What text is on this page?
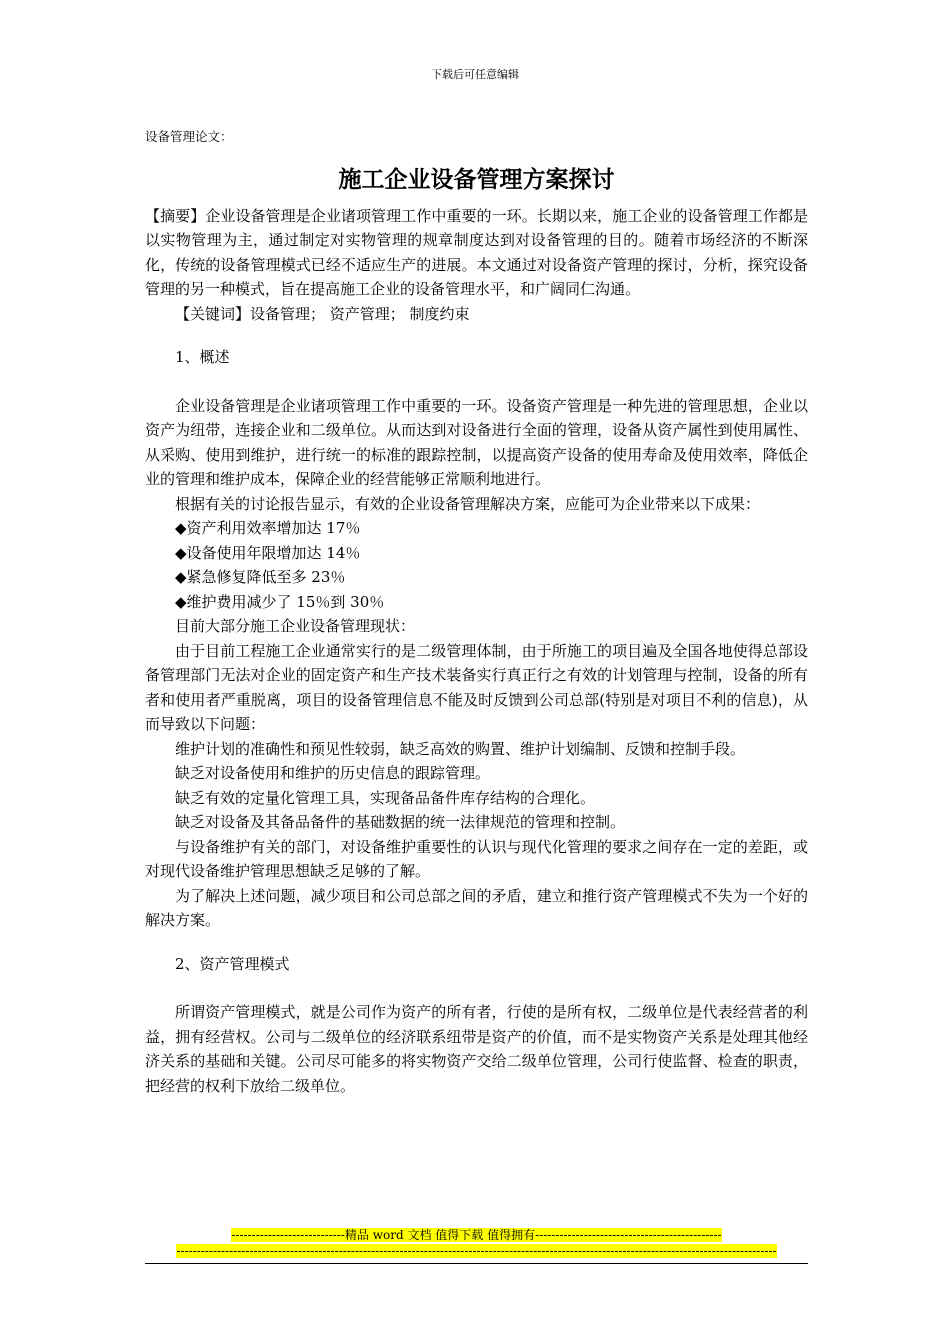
下载后可任意编辑

设备管理论文：

施工企业设备管理方案探讨

【摘要】企业设备管理是企业诸项管理工作中重要的一环。长期以来，施工企业的设备管理工作都是以实物管理为主，通过制定对实物管理的规章制度达到对设备管理的目的。随着市场经济的不断深化，传统的设备管理模式已经不适应生产的进展。本文通过对设备资产管理的探讨，分析，探究设备管理的另一种模式，旨在提高施工企业的设备管理水平，和广阔同仁沟通。

【关键词】设备管理； 资产管理； 制度约束

1、概述

企业设备管理是企业诸项管理工作中重要的一环。设备资产管理是一种先进的管理思想，企业以资产为纽带，连接企业和二级单位。从而达到对设备进行全面的管理，设备从资产属性到使用属性、从采购、使用到维护，进行统一的标准的跟踪控制，以提高资产设备的使用寿命及使用效率，降低企业的管理和维护成本，保障企业的经营能够正常顺利地进行。

根据有关的讨论报告显示，有效的企业设备管理解决方案，应能可为企业带来以下成果：

◆资产利用效率增加达 17％

◆设备使用年限增加达 14％

◆紧急修复降低至多 23％

◆维护费用减少了 15％到 30％

目前大部分施工企业设备管理现状：

由于目前工程施工企业通常实行的是二级管理体制，由于所施工的项目遍及全国各地使得总部设备管理部门无法对企业的固定资产和生产技术装备实行真正行之有效的计划管理与控制，设备的所有者和使用者严重脱离，项目的设备管理信息不能及时反馈到公司总部(特别是对项目不利的信息)，从而导致以下问题：

维护计划的准确性和预见性较弱，缺乏高效的购置、维护计划编制、反馈和控制手段。

缺乏对设备使用和维护的历史信息的跟踪管理。

缺乏有效的定量化管理工具，实现备品备件库存结构的合理化。

缺乏对设备及其备品备件的基础数据的统一法律规范的管理和控制。

与设备维护有关的部门，对设备维护重要性的认识与现代化管理的要求之间存在一定的差距，或对现代设备维护管理思想缺乏足够的了解。

为了解决上述问题，减少项目和公司总部之间的矛盾，建立和推行资产管理模式不失为一个好的解决方案。

2、资产管理模式

所谓资产管理模式，就是公司作为资产的所有者，行使的是所有权，二级单位是代表经营者的利益，拥有经营权。公司与二级单位的经济联系纽带是资产的价值，而不是实物资产关系是处理其他经济关系的基础和关键。公司尽可能多的将实物资产交给二级单位管理，公司行使监督、检查的职责，把经营的权利下放给二级单位。

----------------------------精品 word 文档 值得下载 值得拥有----------------------------------------------
----------------------------------------------------------------------------------------------------------------------------------------------------
